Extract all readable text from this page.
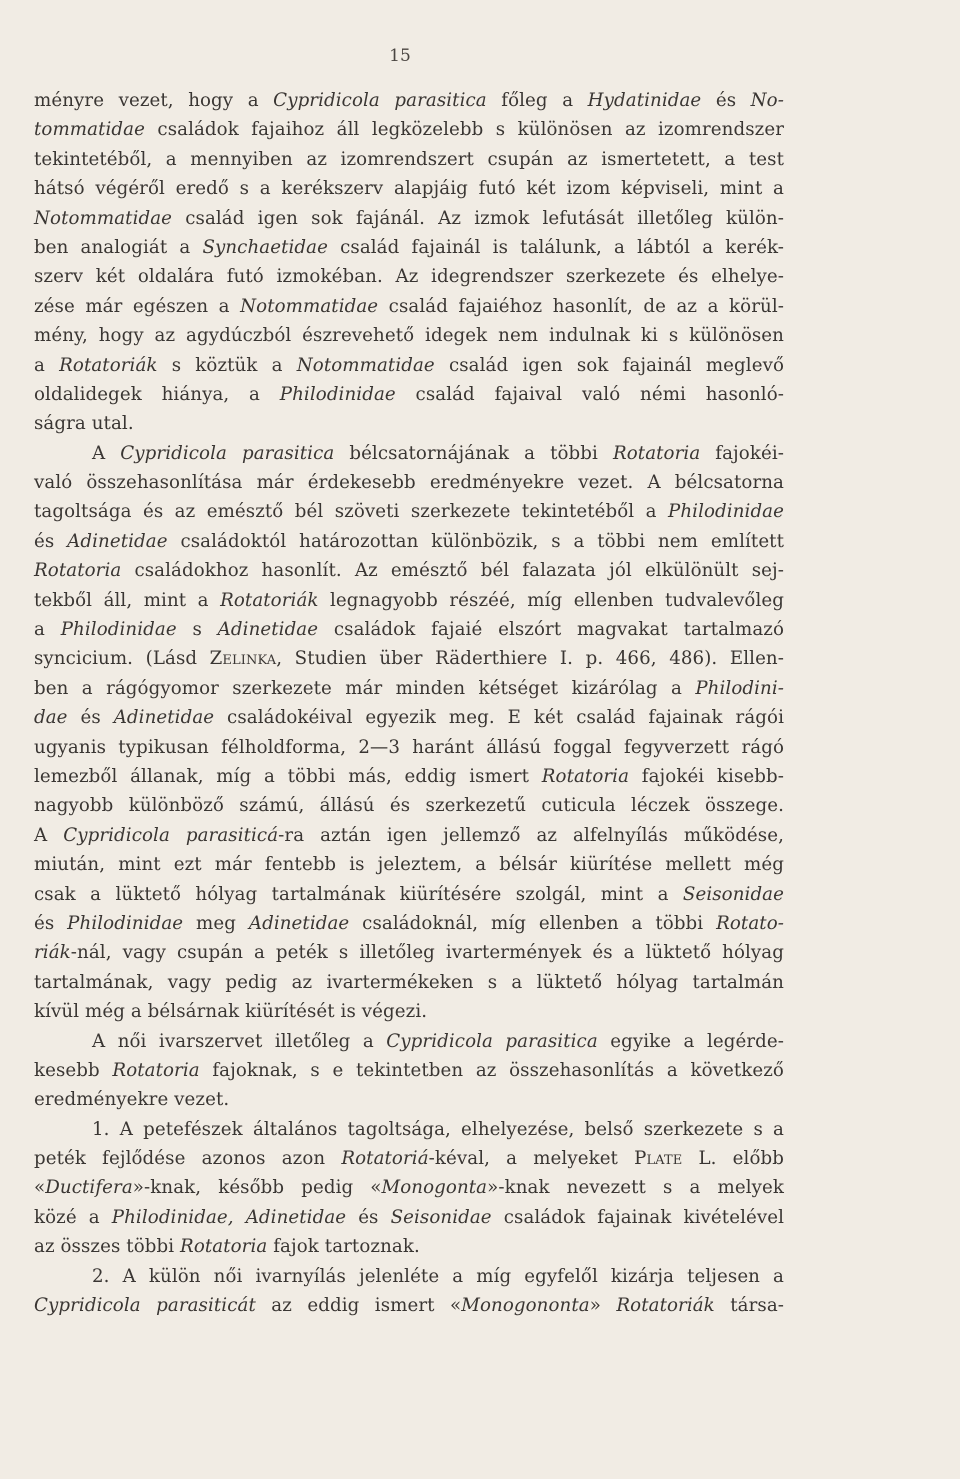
15
ményre vezet, hogy a Cypridicola parasitica főleg a Hydatinidae és No-
tommatidae családok fajaihoz áll legközelebb s különösen az izomrendszer
tekintetéből, a mennyiben az izomrendszert csupán az ismertetett, a test
hátsó végéről eredő s a kerékszerv alapjáig futó két izom képviseli, mint a
Notommatidae család igen sok fajánál. Az izmok lefutását illetőleg külön-
ben analogiát a Synchaetidae család fajainál is találunk, a lábtól a kerék-
szerv két oldalára futó izmokéban. Az idegrendszer szerkezete és elhelye-
zése már egészen a Notommatidae család fajaiéhoz hasonlít, de az a körül-
mény, hogy az agydúczból észrevehető idegek nem indulnak ki s különösen
a Rotatoriák s köztük a Notommatidae család igen sok fajainál meglevő
oldalidegek hiánya, a Philodinidae család fajaival való némi hasonló-
ságra utal.
A Cypridicola parasitica bélcsatornájának a többi Rotatoria fajokéi-
való összehasonlítása már érdekesebb eredményekre vezet. A bélcsatorna
tagoltsága és az emésztő bél szöveti szerkezete tekintetéből a Philodinidae
és Adinetidae családoktól határozottan különbözik, s a többi nem említett
Rotatoria családokhoz hasonlít. Az emésztő bél falazata jól elkülönült sej-
tekből áll, mint a Rotatoriák legnagyobb részéé, míg ellenben tudvalevőleg
a Philodinidae s Adinetidae családok fajaié elszórt magvakat tartalmazó
syncicium. (Lásd Zelinka, Studien über Räderthiere I. p. 466, 486). Ellen-
ben a rágógyomor szerkezete már minden kétséget kizárólag a Philodini-
dae és Adinetidae családokéival egyezik meg. E két család fajainak rágói
ugyanis typikusan félholdforma, 2—3 haránt állású foggal fegyverzett rágó
lemezből állanak, míg a többi más, eddig ismert Rotatoria fajokéi kisebb-
nagyobb különböző számú, állású és szerkezetű cuticula léczek összege.
A Cypridicola parasiticá-ra aztán igen jellemző az alfelnyílás működése,
miután, mint ezt már fentebb is jeleztem, a bélsár kiürítése mellett még
csak a lüktető hólyag tartalmának kiürítésére szolgál, mint a Seisonidae
és Philodinidae meg Adinetidae családoknál, míg ellenben a többi Rotato-
riák-nál, vagy csupán a peték s illetőleg ivartermények és a lüktető hólyag
tartalmának, vagy pedig az ivartermékeken s a lüktető hólyag tartalmán
kívül még a bélsárnak kiürítését is végezi.
A női ivarszervet illetőleg a Cypridicola parasitica egyike a legérde-
kesebb Rotatoria fajoknak, s e tekintetben az összehasonlítás a következő
eredményekre vezet.
1. A petefészek általános tagoltsága, elhelyezése, belső szerkezete s a
peték fejlődése azonos azon Rotatoriá-kéval, a melyeket Plate L. előbb
«Ductifera»-knak, később pedig «Monogonta»-knak nevezett s a melyek
közé a Philodinidae, Adinetidae és Seisonidae családok fajainak kivételével
az összes többi Rotatoria fajok tartoznak.
2. A külön női ivarnyílás jelenléte a míg egyfelől kizárja teljesen a
Cypridicola parasiticát az eddig ismert «Monogononta» Rotatoriák társa-
